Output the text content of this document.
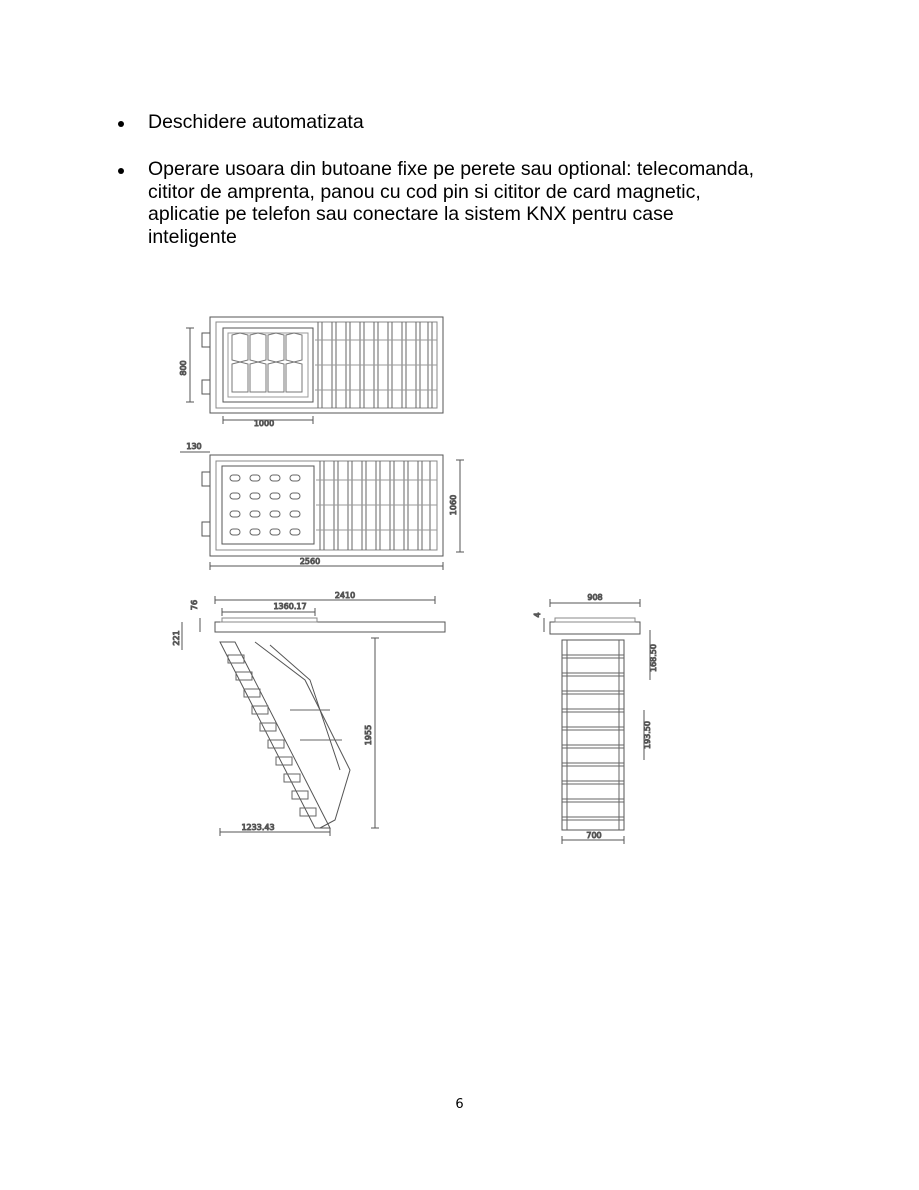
Deschidere automatizata
Operare usoara din butoane fixe pe perete sau optional: telecomanda,
cititor de amprenta, panou cu cod pin si cititor de card magnetic,
aplicatie pe telefon sau conectare la sistem KNX pentru case
inteligente
800
1000
130
1060
2560
2410
1360.17
76
221
1955
1233.43
908
4
168.50
193.50
700
6
